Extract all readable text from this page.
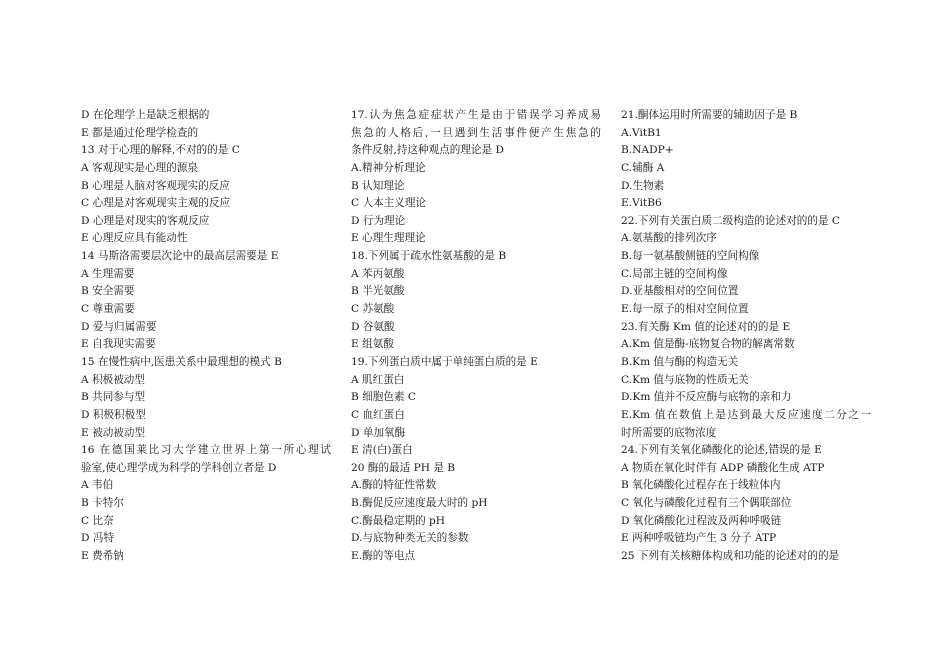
D 在伦理学上是缺乏根据的
E 都是通过伦理学检查的
13 对于心理的解释,不对的的是 C
A 客观现实是心理的源泉
B 心理是人脑对客观现实的反应
C 心理是对客观现实主观的反应
D 心理是对现实的客观反应
E 心理反应具有能动性
14 马斯洛需要层次论中的最高层需要是 E
A 生理需要
B 安全需要
C 尊重需要
D 爱与归属需要
E 自我现实需要
15 在慢性病中,医患关系中最理想的模式 B
A 积极被动型
B 共同参与型
D 积极积极型
E 被动被动型
16 在德国莱比习大学建立世界上第一所心理试
验室,使心理学成为科学的学科创立者是 D
A 韦伯
B 卡特尔
C 比奈
D 冯特
E 费希钠
17.认为焦急症症状产生是由于错误学习养成易
焦急的人格后,一旦遇到生活事件便产生焦急的
条件反射,持这种观点的理论是 D
A.精神分析理论
B 认知理论
C 人本主义理论
D 行为理论
E 心理生理理论
18.下列属于疏水性氨基酸的是 B
A 苯丙氨酸
B 半光氨酸
C 苏氨酸
D 谷氨酸
E 组氨酸
19.下列蛋白质中属于单纯蛋白质的是 E
A 肌红蛋白
B 细胞色素 C
C 血红蛋白
D 单加氧酶
E 清(白)蛋白
20 酶的最适 PH 是 B
A.酶的特征性常数
B.酶促反应速度最大时的 pH
C.酶最稳定期的 pH
D.与底物种类无关的参数
E.酶的等电点
21.酮体运用时所需要的辅助因子是 B
A.VitB1
B.NADP+
C.辅酶 A
D.生物素
E.VitB6
22.下列有关蛋白质二级构造的论述对的的是 C
A.氨基酸的排列次序
B.每一氨基酸侧链的空间构像
C.局部主链的空间构像
D.亚基酸相对的空间位置
E.每一原子的相对空间位置
23.有关酶 Km 值的论述对的的是 E
A.Km 值是酶-底物复合物的解离常数
B.Km 值与酶的构造无关
C.Km 值与底物的性质无关
D.Km 值并不反应酶与底物的亲和力
E.Km 值在数值上是达到最大反应速度二分之一
时所需要的底物浓度
24.下列有关氧化磷酸化的论述,错误的是 E
A 物质在氧化时伴有 ADP 磷酸化生成 ATP
B 氧化磷酸化过程存在于线粒体内
C 氧化与磷酸化过程有三个偶联部位
D 氧化磷酸化过程波及两种呼吸链
E 两种呼吸链均产生 3 分子 ATP
25 下列有关核糖体构成和功能的论述对的的是
